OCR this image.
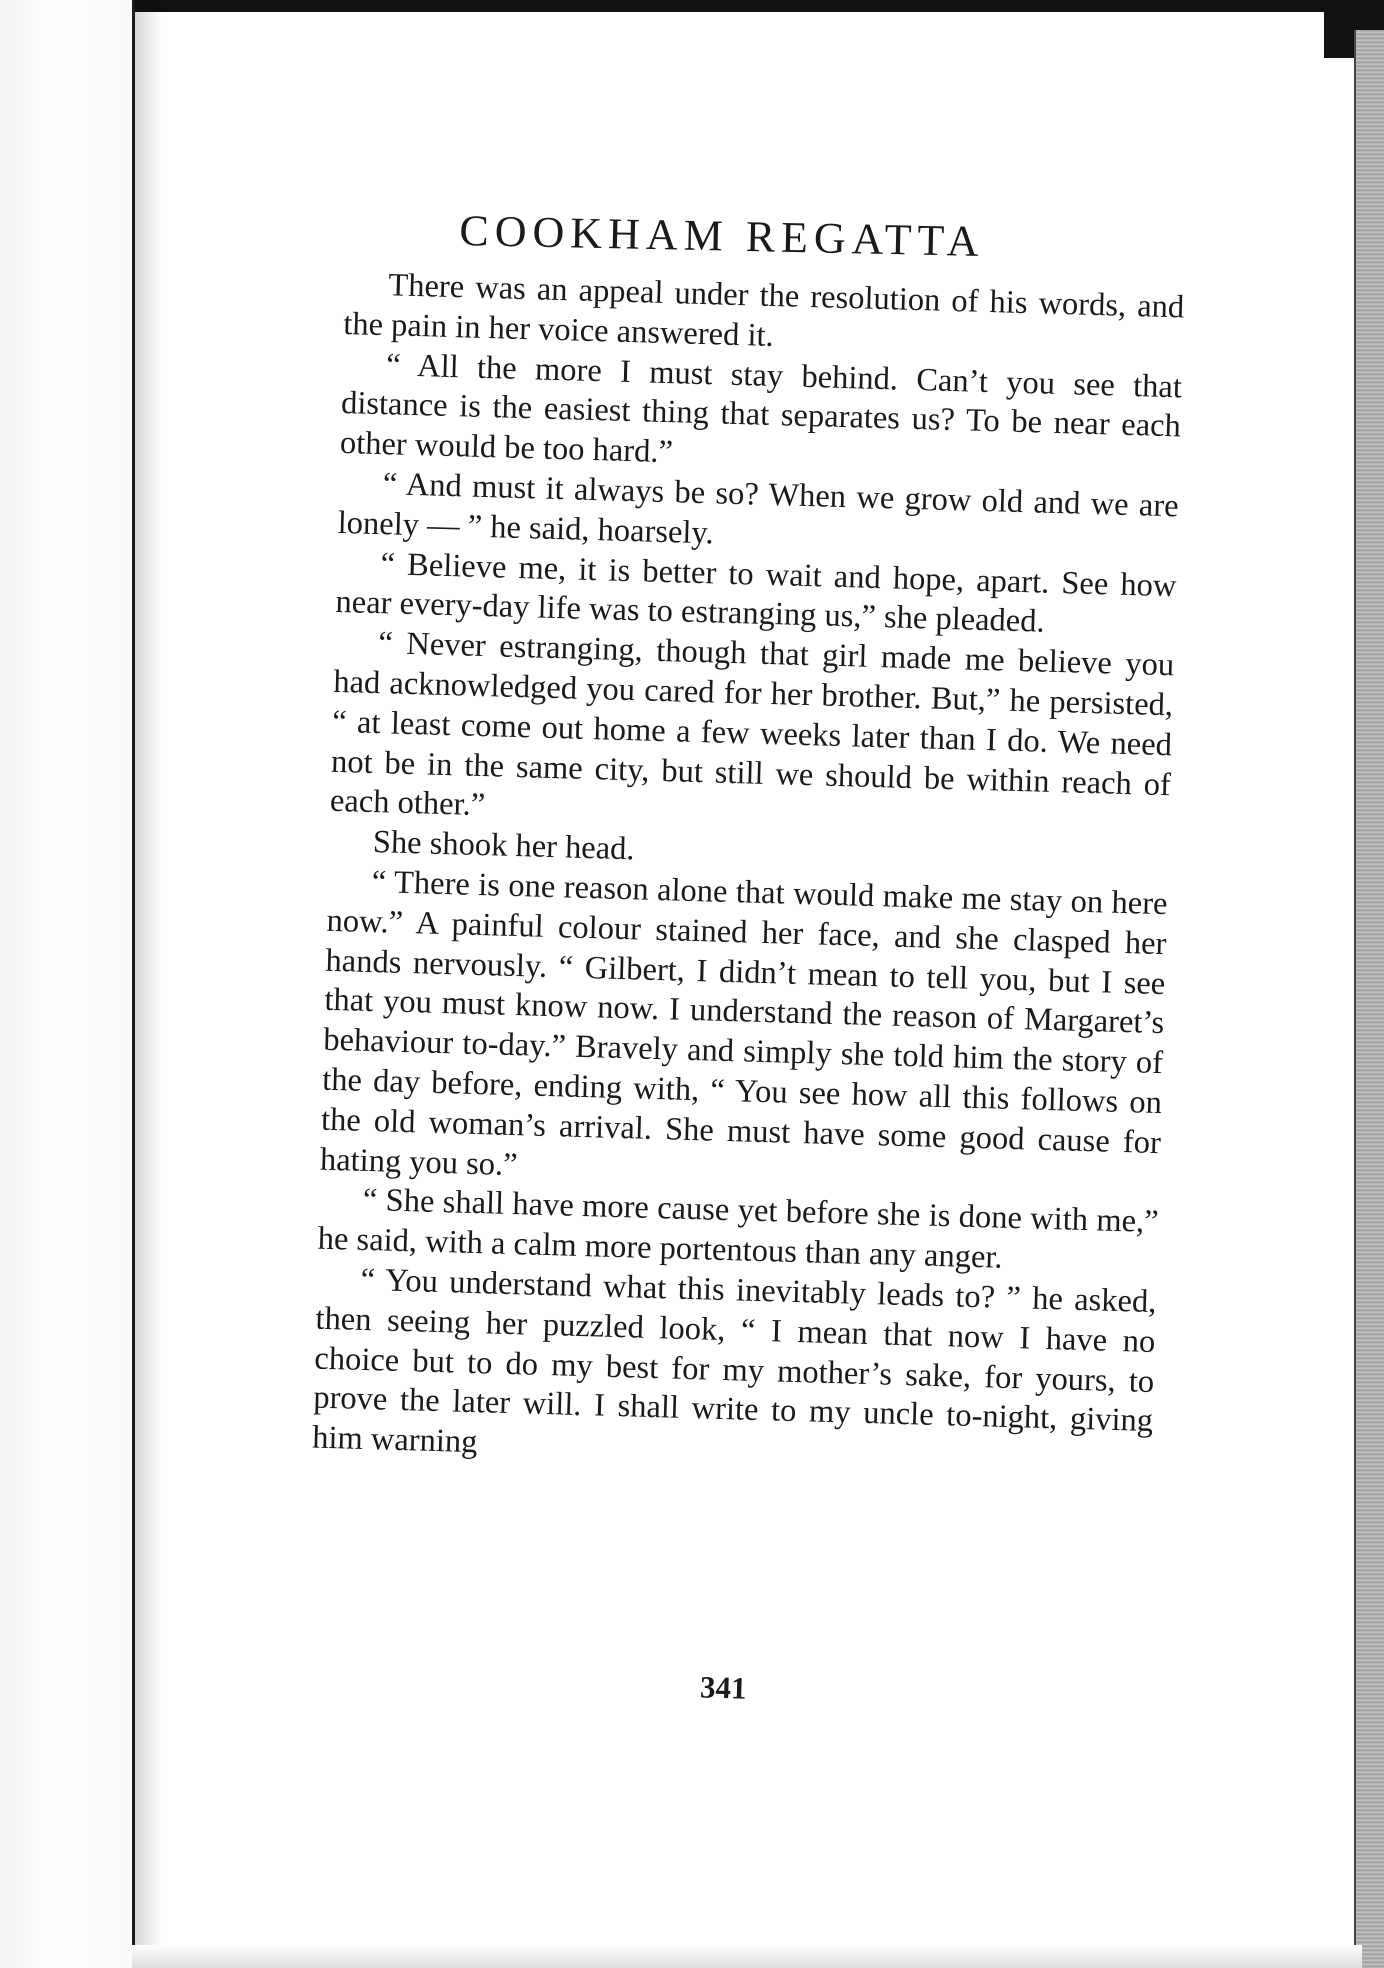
COOKHAM REGATTA

There was an appeal under the resolution of his words, and the pain in her voice answered it.

“ All the more I must stay behind. Can’t you see that distance is the easiest thing that separates us? To be near each other would be too hard.”

“ And must it always be so? When we grow old and we are lonely — ” he said, hoarsely.

“ Believe me, it is better to wait and hope, apart. See how near every-day life was to estranging us,” she pleaded.

“ Never estranging, though that girl made me believe you had acknowledged you cared for her brother. But,” he persisted, “ at least come out home a few weeks later than I do. We need not be in the same city, but still we should be within reach of each other.”

She shook her head.

“ There is one reason alone that would make me stay on here now.” A painful colour stained her face, and she clasped her hands nervously. “ Gilbert, I didn’t mean to tell you, but I see that you must know now. I understand the reason of Margaret’s behaviour to-day.” Bravely and simply she told him the story of the day before, ending with, “ You see how all this follows on the old woman’s arrival. She must have some good cause for hating you so.”

“ She shall have more cause yet before she is done with me,” he said, with a calm more portentous than any anger.

“ You understand what this inevitably leads to? ” he asked, then seeing her puzzled look, “ I mean that now I have no choice but to do my best for my mother’s sake, for yours, to prove the later will. I shall write to my uncle to-night, giving him warning

341
